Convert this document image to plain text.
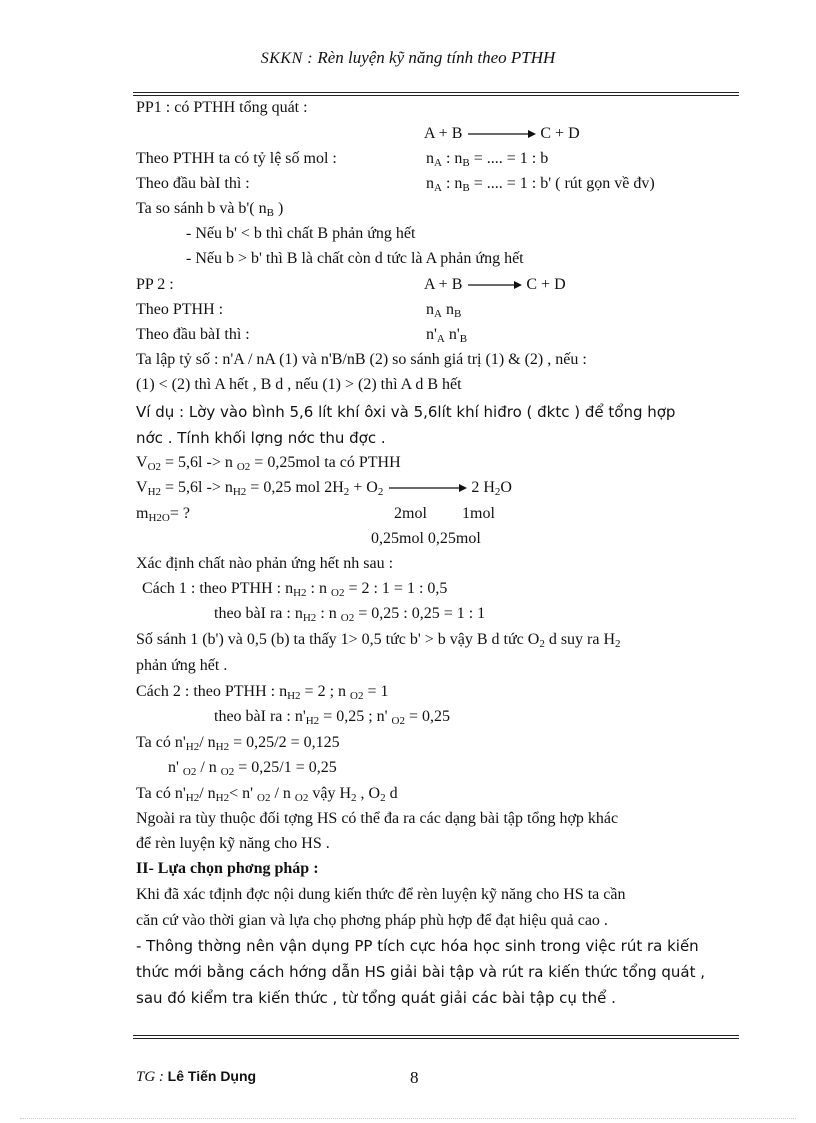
SKKN : Rèn luyện kỹ năng tính theo PTHH
PP1 : có PTHH tổng quát :
A + B	C + D
Theo PTHH ta có tỷ lệ số mol :	$n_A$ : $n_B$ = .... = 1 : b
Theo đầu bàI thì :	$n_A$ : $n_B$ = .... = 1 : b' ( rút gọn về đv)
Ta so sánh b và b'( $n_B$ )
- Nếu b' < b thì chất B phản ứng hết
- Nếu b > b' thì B là chất còn d tức là A phản ứng hết
PP 2 :	A + B	C + D
Theo PTHH :	$n_A$ $n_B$
Theo đầu bàI thì :	$n'_A$ $n'_B$
Ta lập tỷ số : n'A / nA (1) và n'B/nB (2) so sánh giá trị (1) & (2) , nếu :
(1) < (2) thì A hết , B d , nếu (1) > (2) thì A d B hết
Ví dụ : Lờy vào bình 5,6 lít khí ôxi và 5,6lít khí hiđro ( đktc ) để tổng hợp
nớc . Tính khối lợng nớc thu đợc .
$V_{O2} = 5,6l -> n$ $_{O2}$ = 0,25mol ta có PTHH
$V_{H2} = 5,6l -> n_{H2} = 0,25$ mol $2H_2 + O_2$	2 $H_2O$
$m_{H2O}=$ ?	2mol 1mol
0,25mol 0,25mol
Xác định chất nào phản ứng hết nh sau :
Cách 1 : theo PTHH : $n_{H2}$ : n $_{O2}$ = 2 : 1 = 1 : 0,5
theo bàI ra : $n_{H2}$ : n $_{O2}$ = 0,25 : 0,25 = 1 : 1
Số sánh 1 (b') và 0,5 (b) ta thấy 1> 0,5 tức b' > b vậy B d tức $O_2$ d suy ra $H_2$
phản ứng hết .
Cách 2 : theo PTHH : $n_{H2} = 2$ ; n $_{O2}$ = 1
theo bàI ra : $n'_{H2} = 0,25$ ; n' $_{O2}$ = 0,25
Ta có $n'_{H2}/$ $n_{H2} = 0,25/2 = 0,125$
n' $_{O2}$ / n $_{O2}$ = 0,25/1 = 0,25
Ta có $n'_{H2}/$ $n_{H2}< n'$ $_{O2}$ / n $_{O2}$ vậy $H_2$ , $O_2$ d
Ngoài ra tùy thuộc đối tợng HS có thể đa ra các dạng bài tập tổng hợp khác
để rèn luyện kỹ năng cho HS .
II- Lựa chọn phơng pháp :
Khi đã xác tđịnh đợc nội dung kiến thức để rèn luyện kỹ năng cho HS ta cần
căn cứ vào thời gian và lựa chọ phơng pháp phù hợp để đạt hiệu quả cao .
- Thông thờng nên vận dụng PP tích cực hóa học sinh trong việc rút ra kiến
thức mới bằng cách hớng dẫn HS giải bài tập và rút ra kiến thức tổng quát ,
sau đó kiểm tra kiến thức , từ tổng quát giải các bài tập cụ thể .
TG : Lê Tiến Dụng	8
